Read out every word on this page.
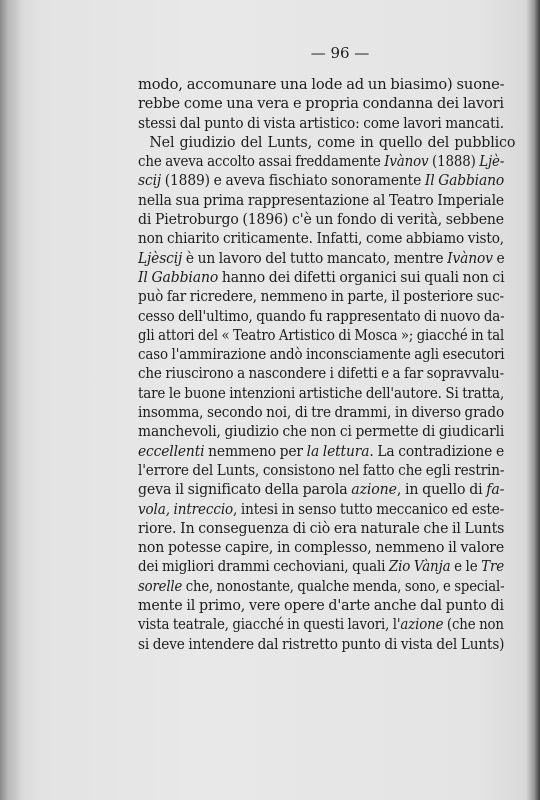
— 96 —
modo, accomunare una lode ad un biasimo) suone-
rebbe come una vera e propria condanna dei lavori
stessi dal punto di vista artistico: come lavori mancati.
Nel giudizio del Lunts, come in quello del pubblico
che aveva accolto assai freddamente Ivànov (1888) Ljè-
scij (1889) e aveva fischiato sonoramente Il Gabbiano
nella sua prima rappresentazione al Teatro Imperiale
di Pietroburgo (1896) c'è un fondo di verità, sebbene
non chiarito criticamente. Infatti, come abbiamo visto,
Ljèscij è un lavoro del tutto mancato, mentre Ivànov e
Il Gabbiano hanno dei difetti organici sui quali non ci
può far ricredere, nemmeno in parte, il posteriore suc-
cesso dell'ultimo, quando fu rappresentato di nuovo da-
gli attori del « Teatro Artistico di Mosca »; giacché in tal
caso l'ammirazione andò inconsciamente agli esecutori
che riuscirono a nascondere i difetti e a far sopravvalu-
tare le buone intenzioni artistiche dell'autore. Si tratta,
insomma, secondo noi, di tre drammi, in diverso grado
manchevoli, giudizio che non ci permette di giudicarli
eccellenti nemmeno per la lettura. La contradizione e
l'errore del Lunts, consistono nel fatto che egli restrin-
geva il significato della parola azione, in quello di fa-
vola, intreccio, intesi in senso tutto meccanico ed este-
riore. In conseguenza di ciò era naturale che il Lunts
non potesse capire, in complesso, nemmeno il valore
dei migliori drammi cechoviani, quali Zio Vànja e le Tre
sorelle che, nonostante, qualche menda, sono, e special-
mente il primo, vere opere d'arte anche dal punto di
vista teatrale, giacché in questi lavori, l'azione (che non
si deve intendere dal ristretto punto di vista del Lunts)
